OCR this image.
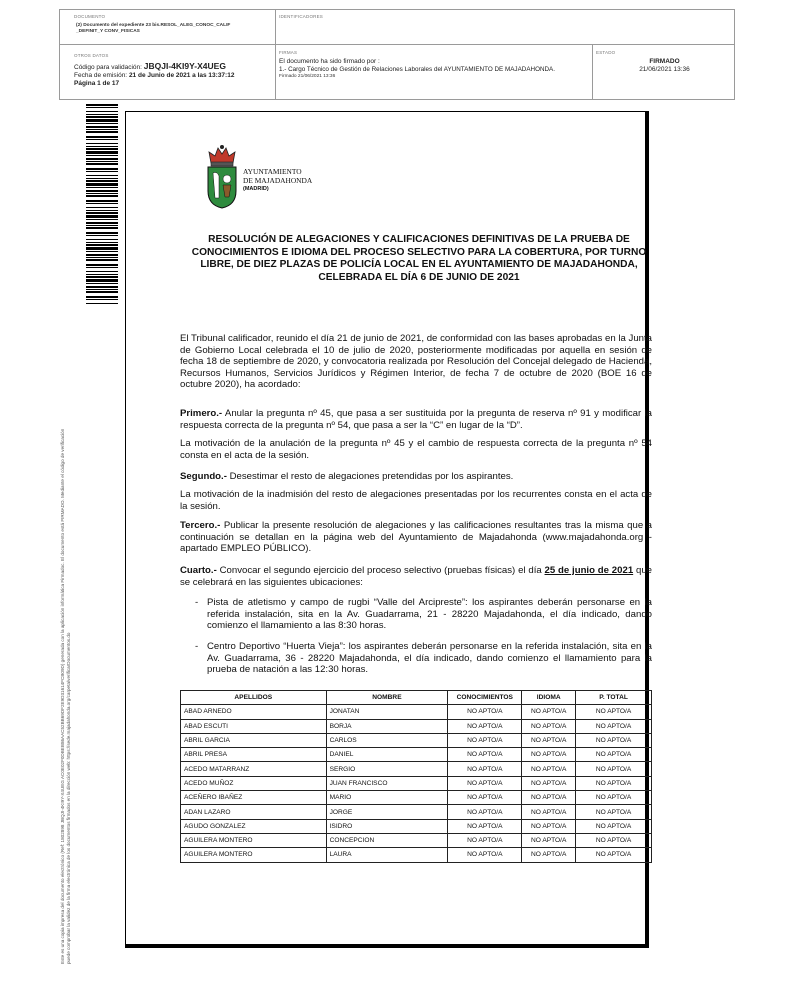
DOCUMENTO
(2) Documento del expediente 23 bis.RESOL_ALEG_CONOC_CALIF
_DEFINIT_Y CONV_FISICAS
IDENTIFICADORES
OTROS DATOS
Código para validación: JBQJI-4KI9Y-X4UEG
Fecha de emisión: 21 de Junio de 2021 a las 13:37:12
Página 1 de 17
FIRMAS
El documento ha sido firmado por :
1.- Cargo Técnico de Gestión de Relaciones Laborales del AYUNTAMIENTO DE MAJADAHONDA.
Firmado 21/06/2021 13:36
ESTADO
FIRMADO
21/06/2021 13:36
Este es una copia impresa del documento electrónico (Ref: 1802898 JBQJI-4KI9Y-X4UEG AC0E02F0DBEB86AAC52BB69DF2E9D31614FCB09D) generada con la aplicación informática Firmadoc. El documento está FIRMADO. Mediante el código de verificación puede comprobar la validez de la firma electrónica de los documentos firmados en la dirección web: https://sede.majadahonda.org/carpeta/verificarDocumentos.do
AYUNTAMIENTO
DE MAJADAHONDA
(MADRID)
RESOLUCIÓN DE ALEGACIONES Y CALIFICACIONES DEFINITIVAS DE LA PRUEBA DE CONOCIMIENTOS E IDIOMA DEL PROCESO SELECTIVO PARA LA COBERTURA, POR TURNO LIBRE, DE DIEZ PLAZAS DE POLICÍA LOCAL EN EL AYUNTAMIENTO DE MAJADAHONDA, CELEBRADA EL DÍA 6 DE JUNIO DE 2021

El Tribunal calificador, reunido el día 21 de junio de 2021, de conformidad con las bases aprobadas en la Junta de Gobierno Local celebrada el 10 de julio de 2020, posteriormente modificadas por aquella en sesión de fecha 18 de septiembre de 2020, y convocatoria realizada por Resolución del Concejal delegado de Hacienda, Recursos Humanos, Servicios Jurídicos y Régimen Interior, de fecha 7 de octubre de 2020 (BOE 16 de octubre 2020), ha acordado:

Primero.- Anular la pregunta nº 45, que pasa a ser sustituida por la pregunta de reserva nº 91 y modificar la respuesta correcta de la pregunta nº 54, que pasa a ser la “C” en lugar de la “D”.

La motivación de la anulación de la pregunta nº 45 y el cambio de respuesta correcta de la pregunta nº 54 consta en el acta de la sesión.

Segundo.- Desestimar el resto de alegaciones pretendidas por los aspirantes.

La motivación de la inadmisión del resto de alegaciones presentadas por los recurrentes consta en el acta de la sesión.

Tercero.- Publicar la presente resolución de alegaciones y las calificaciones resultantes tras la misma que a continuación se detallan en la página web del Ayuntamiento de Majadahonda (www.majadahonda.org - apartado EMPLEO PÚBLICO).

Cuarto.- Convocar el segundo ejercicio del proceso selectivo (pruebas físicas) el día 25 de junio de 2021 que se celebrará en las siguientes ubicaciones:

- Pista de atletismo y campo de rugbi “Valle del Arcipreste”: los aspirantes deberán personarse en la referida instalación, sita en la Av. Guadarrama, 21 - 28220 Majadahonda, el día indicado, dando comienzo el llamamiento a las 8:30 horas.
- Centro Deportivo “Huerta Vieja”: los aspirantes deberán personarse en la referida instalación, sita en la Av. Guadarrama, 36 - 28220 Majadahonda, el día indicado, dando comienzo el llamamiento para la prueba de natación a las 12:30 horas.
APELLIDOS	NOMBRE	CONOCIMIENTOS	IDIOMA	P. TOTAL
ABAD ARNEDO	JONATAN	NO APTO/A	NO APTO/A	NO APTO/A
ABAD ESCUTI	BORJA	NO APTO/A	NO APTO/A	NO APTO/A
ABRIL GARCIA	CARLOS	NO APTO/A	NO APTO/A	NO APTO/A
ABRIL PRESA	DANIEL	NO APTO/A	NO APTO/A	NO APTO/A
ACEDO MATARRANZ	SERGIO	NO APTO/A	NO APTO/A	NO APTO/A
ACEDO MUÑOZ	JUAN FRANCISCO	NO APTO/A	NO APTO/A	NO APTO/A
ACEÑERO IBAÑEZ	MARIO	NO APTO/A	NO APTO/A	NO APTO/A
ADAN LAZARO	JORGE	NO APTO/A	NO APTO/A	NO APTO/A
AGUDO GONZALEZ	ISIDRO	NO APTO/A	NO APTO/A	NO APTO/A
AGUILERA MONTERO	CONCEPCION	NO APTO/A	NO APTO/A	NO APTO/A
AGUILERA MONTERO	LAURA	NO APTO/A	NO APTO/A	NO APTO/A
